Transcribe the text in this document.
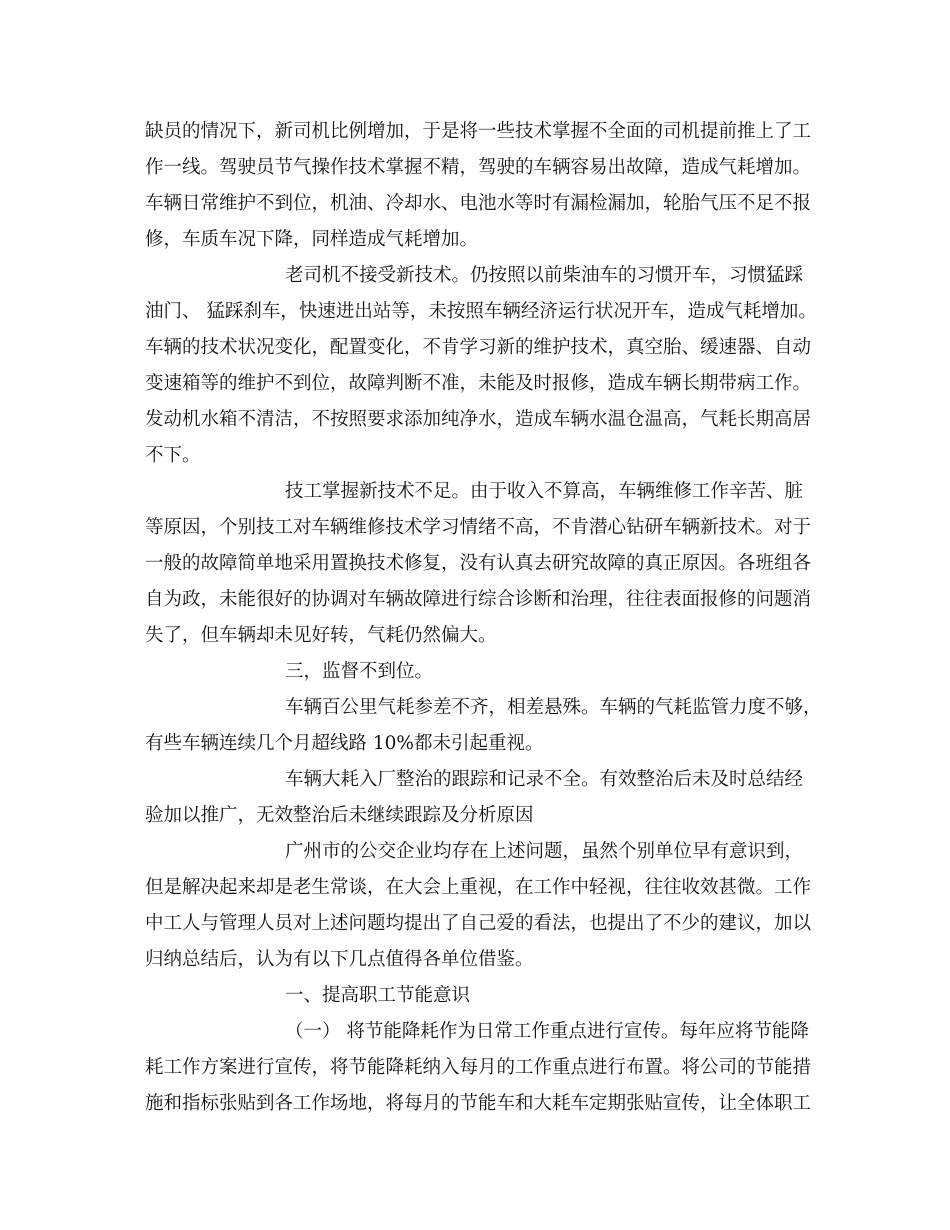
缺员的情况下，新司机比例增加，于是将一些技术掌握不全面的司机提前推上了工
作一线。驾驶员节气操作技术掌握不精，驾驶的车辆容易出故障，造成气耗增加。
车辆日常维护不到位，机油、冷却水、电池水等时有漏检漏加，轮胎气压不足不报
修，车质车况下降，同样造成气耗增加。
老司机不接受新技术。仍按照以前柴油车的习惯开车，习惯猛踩
油门、 猛踩刹车，快速进出站等，未按照车辆经济运行状况开车，造成气耗增加。
车辆的技术状况变化，配置变化，不肯学习新的维护技术，真空胎、缓速器、自动
变速箱等的维护不到位，故障判断不准，未能及时报修，造成车辆长期带病工作。
发动机水箱不清洁，不按照要求添加纯净水，造成车辆水温仓温高，气耗长期高居
不下。
技工掌握新技术不足。由于收入不算高，车辆维修工作辛苦、脏
等原因，个别技工对车辆维修技术学习情绪不高，不肯潜心钻研车辆新技术。对于
一般的故障简单地采用置换技术修复，没有认真去研究故障的真正原因。各班组各
自为政，未能很好的协调对车辆故障进行综合诊断和治理，往往表面报修的问题消
失了，但车辆却未见好转，气耗仍然偏大。
三，监督不到位。
车辆百公里气耗参差不齐，相差悬殊。车辆的气耗监管力度不够，
有些车辆连续几个月超线路 10%都未引起重视。
车辆大耗入厂整治的跟踪和记录不全。有效整治后未及时总结经
验加以推广，无效整治后未继续跟踪及分析原因
广州市的公交企业均存在上述问题，虽然个别单位早有意识到，
但是解决起来却是老生常谈，在大会上重视，在工作中轻视，往往收效甚微。工作
中工人与管理人员对上述问题均提出了自己爱的看法，也提出了不少的建议，加以
归纳总结后，认为有以下几点值得各单位借鉴。
一、提高职工节能意识
（一） 将节能降耗作为日常工作重点进行宣传。每年应将节能降
耗工作方案进行宣传，将节能降耗纳入每月的工作重点进行布置。将公司的节能措
施和指标张贴到各工作场地，将每月的节能车和大耗车定期张贴宣传，让全体职工
